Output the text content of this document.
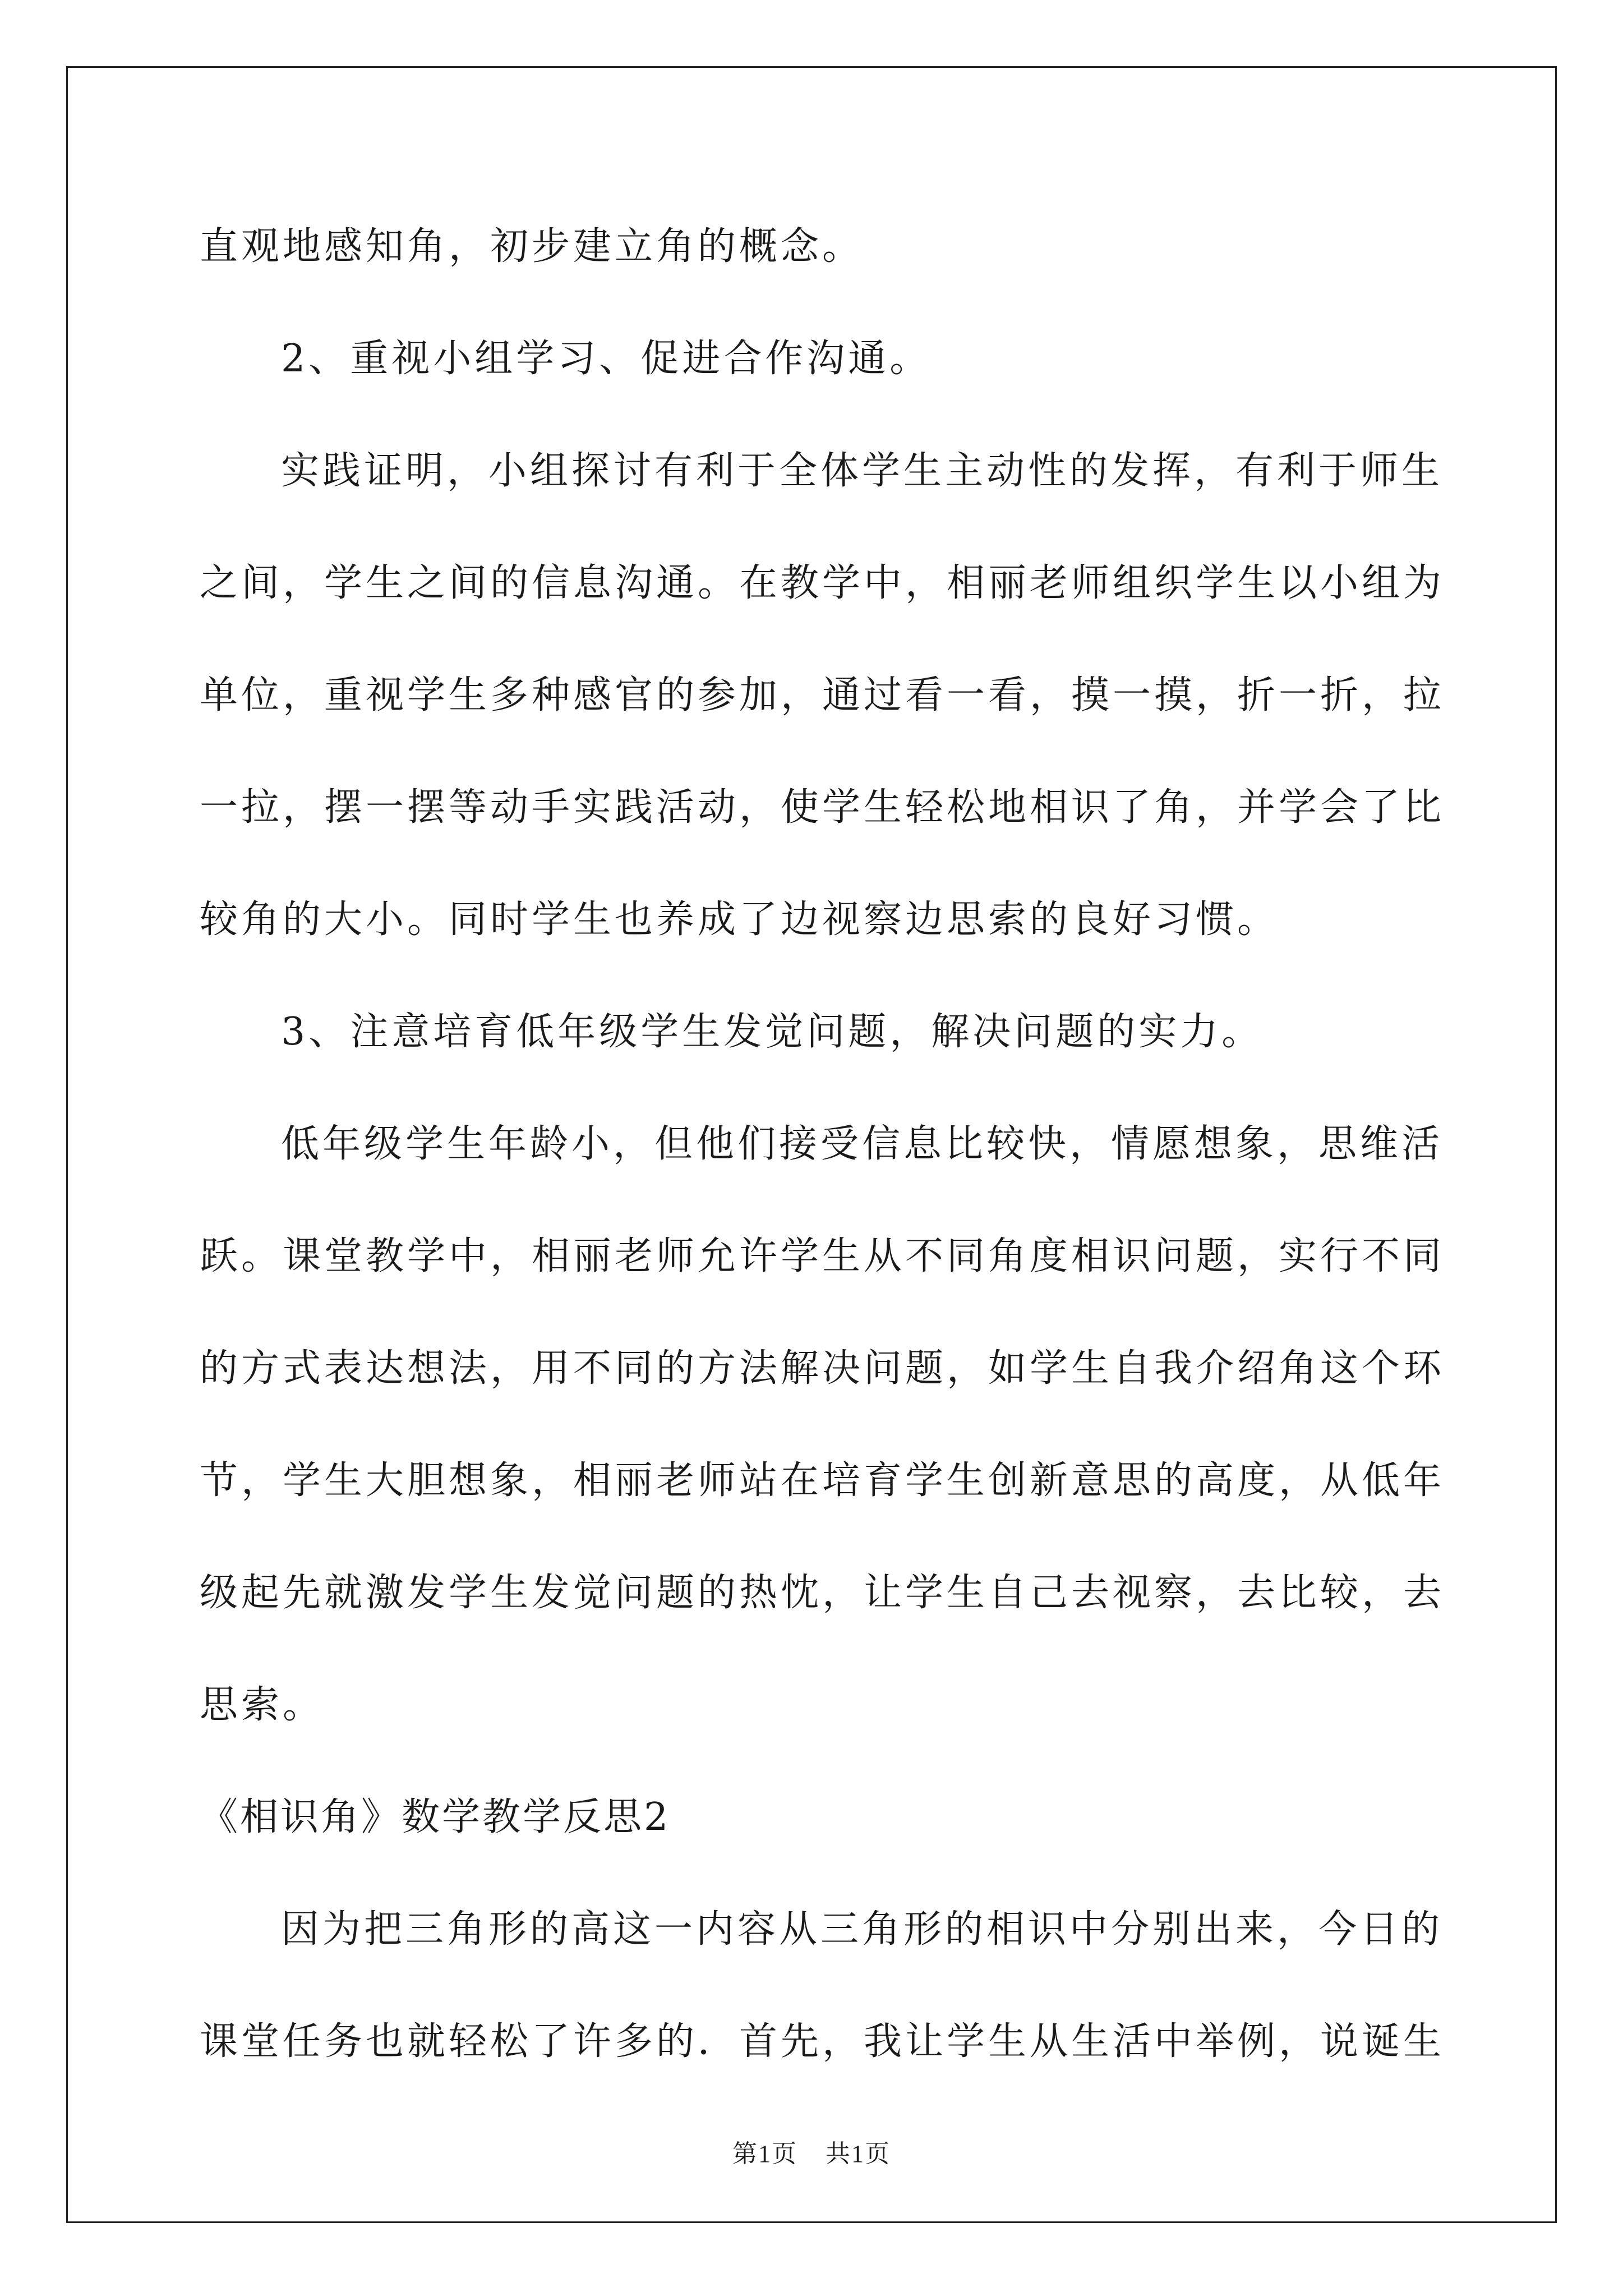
直观地感知角，初步建立角的概念。
2、重视小组学习、促进合作沟通。
实践证明，小组探讨有利于全体学生主动性的发挥，有利于师生
之间，学生之间的信息沟通。在教学中，相丽老师组织学生以小组为
单位，重视学生多种感官的参加，通过看一看，摸一摸，折一折，拉
一拉，摆一摆等动手实践活动，使学生轻松地相识了角，并学会了比
较角的大小。同时学生也养成了边视察边思索的良好习惯。
3、注意培育低年级学生发觉问题，解决问题的实力。
低年级学生年龄小，但他们接受信息比较快，情愿想象，思维活
跃。课堂教学中，相丽老师允许学生从不同角度相识问题，实行不同
的方式表达想法，用不同的方法解决问题，如学生自我介绍角这个环
节，学生大胆想象，相丽老师站在培育学生创新意思的高度，从低年
级起先就激发学生发觉问题的热忱，让学生自己去视察，去比较，去
思索。
《相识角》数学教学反思2
因为把三角形的高这一内容从三角形的相识中分别出来，今日的
课堂任务也就轻松了许多的．首先，我让学生从生活中举例，说诞生
第1页 共1页
